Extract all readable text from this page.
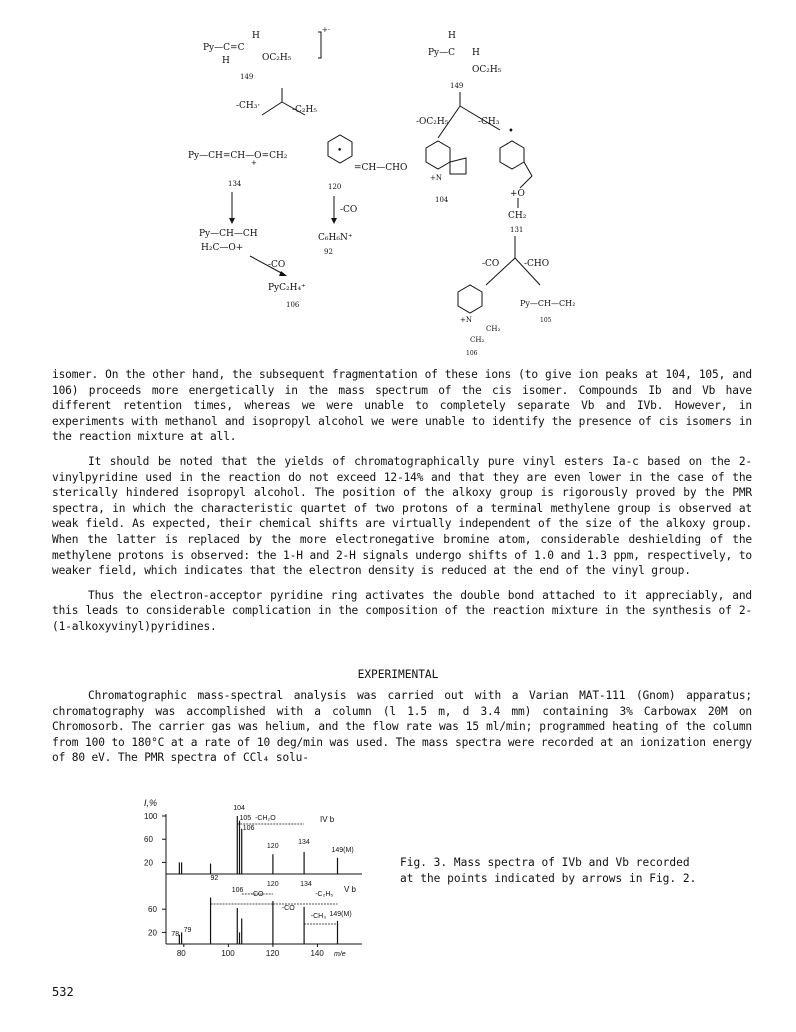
Py—C=C
H
H	OC₂H₅
+·
149
-CH₃·	-C₂H₅
Py—CH=CH—O=CH₂
+
134
•
=CH—CHO
120
-CO
C₆H₆N⁺
92
Py—CH—CH
H₂C—O+
-CO
PyC₂H₄⁺
106
Py—C
H
H
OC₂H₅
149
-OC₂H₅	-CH₃
•
+N
104
+O
CH₂
131
-CO	-CHO
+N
CH₂
CH₂
106
Py—CH—CH₂
105

isomer. On the other hand, the subsequent fragmentation of these ions (to give ion peaks at 104, 105, and 106) proceeds more energetically in the mass spectrum of the cis isomer. Compounds Ib and Vb have different retention times, whereas we were unable to completely separate Vb and IVb. However, in experiments with methanol and isopropyl alcohol we were unable to identify the presence of cis isomers in the reaction mixture at all.

It should be noted that the yields of chromatographically pure vinyl esters Ia-c based on the 2-vinylpyridine used in the reaction do not exceed 12-14% and that they are even lower in the case of the sterically hindered isopropyl alcohol. The position of the alkoxy group is rigorously proved by the PMR spectra, in which the characteristic quartet of two protons of a terminal methylene group is observed at weak field. As expected, their chemical shifts are virtually independent of the size of the alkoxy group. When the latter is replaced by the more electronegative bromine atom, considerable deshielding of the methylene protons is observed: the 1-H and 2-H signals undergo shifts of 1.0 and 1.3 ppm, respectively, to weaker field, which indicates that the electron density is reduced at the end of the vinyl group.

Thus the electron-acceptor pyridine ring activates the double bond attached to it appreciably, and this leads to considerable complication in the composition of the reaction mixture in the synthesis of 2-(1-alkoxyvinyl)pyridines.

EXPERIMENTAL

Chromatographic mass-spectral analysis was carried out with a Varian MAT-111 (Gnom) apparatus; chromatography was accomplished with a column (l 1.5 m, d 3.4 mm) containing 3% Carbowax 20M on Chromosorb. The carrier gas was helium, and the flow rate was 15 ml/min; programmed heating of the column from 100 to 180°C at a rate of 10 deg/min was used. The mass spectra were recorded at an ionization energy of 80 eV. The PMR spectra of CCl₄ solu-

I,%
IV b
V b
m/e
100
60
20
60
20
80	100	120	140
104
105
106
120
134
149(M)
-CH₂O
92
106
120	134
149(M)
78
79
-CO
-CO
-C₂H₅
-CH₃
Fig. 3. Mass spectra of IVb and Vb recorded at the points indicated by arrows in Fig. 2.
532
